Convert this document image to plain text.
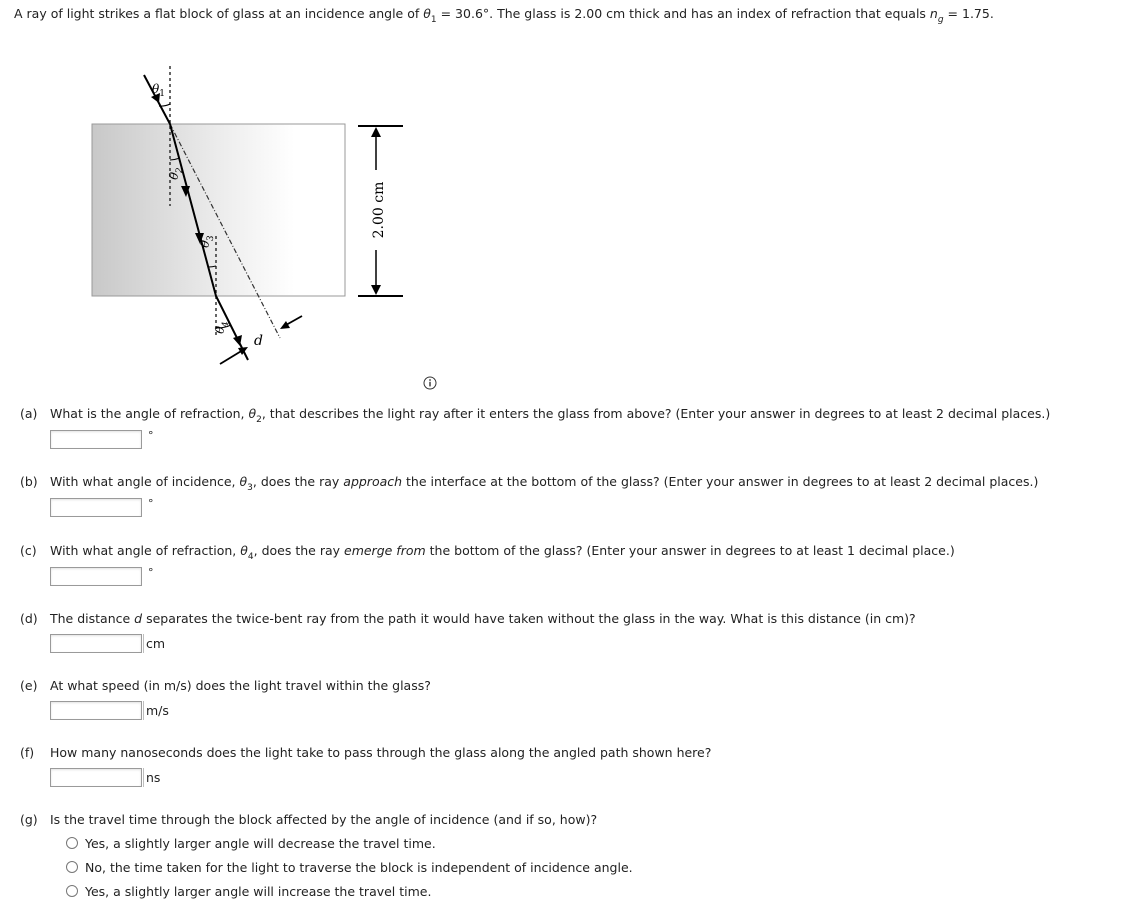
A ray of light strikes a flat block of glass at an incidence angle of $\theta_1 = 30.6^\circ$. The glass is 2.00 cm thick and has an index of refraction that equals $n_g = 1.75$.
$\theta_1$
$\theta_2$
$\theta_3$
$\theta_4$
d
2.00 cm
(a) What is the angle of refraction, $\theta_2$, that describes the light ray after it enters the glass from above? (Enter your answer in degrees to at least 2 decimal places.)
°
(b) With what angle of incidence, $\theta_3$, does the ray approach the interface at the bottom of the glass? (Enter your answer in degrees to at least 2 decimal places.)
°
(c) With what angle of refraction, $\theta_4$, does the ray emerge from the bottom of the glass? (Enter your answer in degrees to at least 1 decimal place.)
°
(d) The distance d separates the twice-bent ray from the path it would have taken without the glass in the way. What is this distance (in cm)?
cm
(e) At what speed (in m/s) does the light travel within the glass?
m/s
(f) How many nanoseconds does the light take to pass through the glass along the angled path shown here?
ns
(g) Is the travel time through the block affected by the angle of incidence (and if so, how)?
Yes, a slightly larger angle will decrease the travel time.
No, the time taken for the light to traverse the block is independent of incidence angle.
Yes, a slightly larger angle will increase the travel time.
